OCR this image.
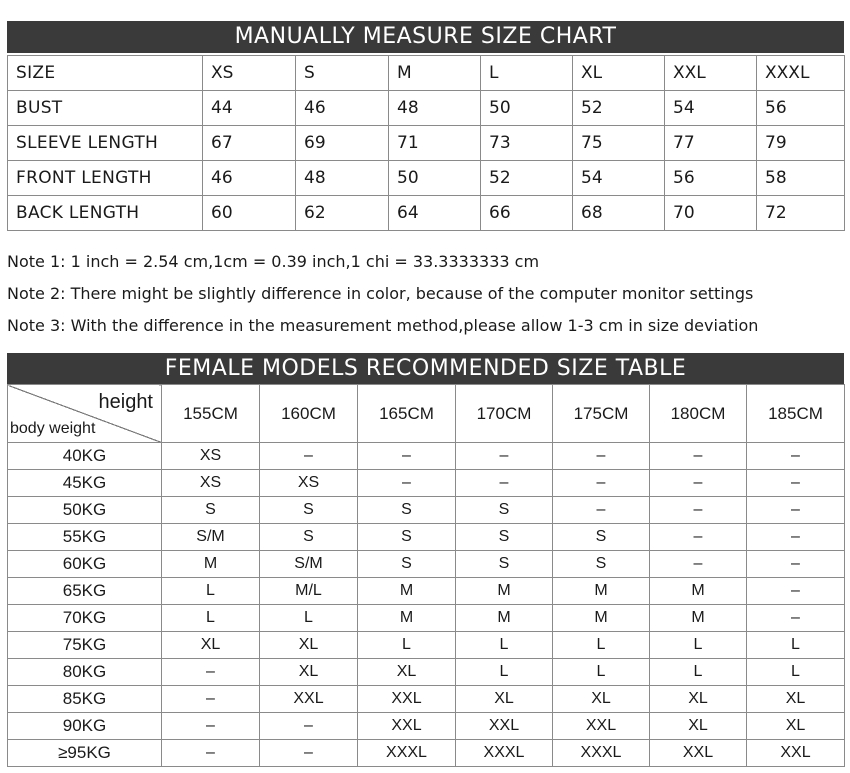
MANUALLY MEASURE SIZE CHART
SIZE	XS	S	M	L	XL	XXL	XXXL
BUST	44	46	48	50	52	54	56
SLEEVE LENGTH	67	69	71	73	75	77	79
FRONT LENGTH	46	48	50	52	54	56	58
BACK LENGTH	60	62	64	66	68	70	72
Note 1: 1 inch = 2.54 cm,1cm = 0.39 inch,1 chi = 33.3333333 cm
Note 2: There might be slightly difference in color, because of the computer monitor settings
Note 3: With the difference in the measurement method,please allow 1-3 cm in size deviation
FEMALE MODELS RECOMMENDED SIZE TABLE
height
body weight	155CM	160CM	165CM	170CM	175CM	180CM	185CM
40KG	XS	–	–	–	–	–	–
45KG	XS	XS	–	–	–	–	–
50KG	S	S	S	S	–	–	–
55KG	S/M	S	S	S	S	–	–
60KG	M	S/M	S	S	S	–	–
65KG	L	M/L	M	M	M	M	–
70KG	L	L	M	M	M	M	–
75KG	XL	XL	L	L	L	L	L
80KG	–	XL	XL	L	L	L	L
85KG	–	XXL	XXL	XL	XL	XL	XL
90KG	–	–	XXL	XXL	XXL	XL	XL
≥95KG	–	–	XXXL	XXXL	XXXL	XXL	XXL
